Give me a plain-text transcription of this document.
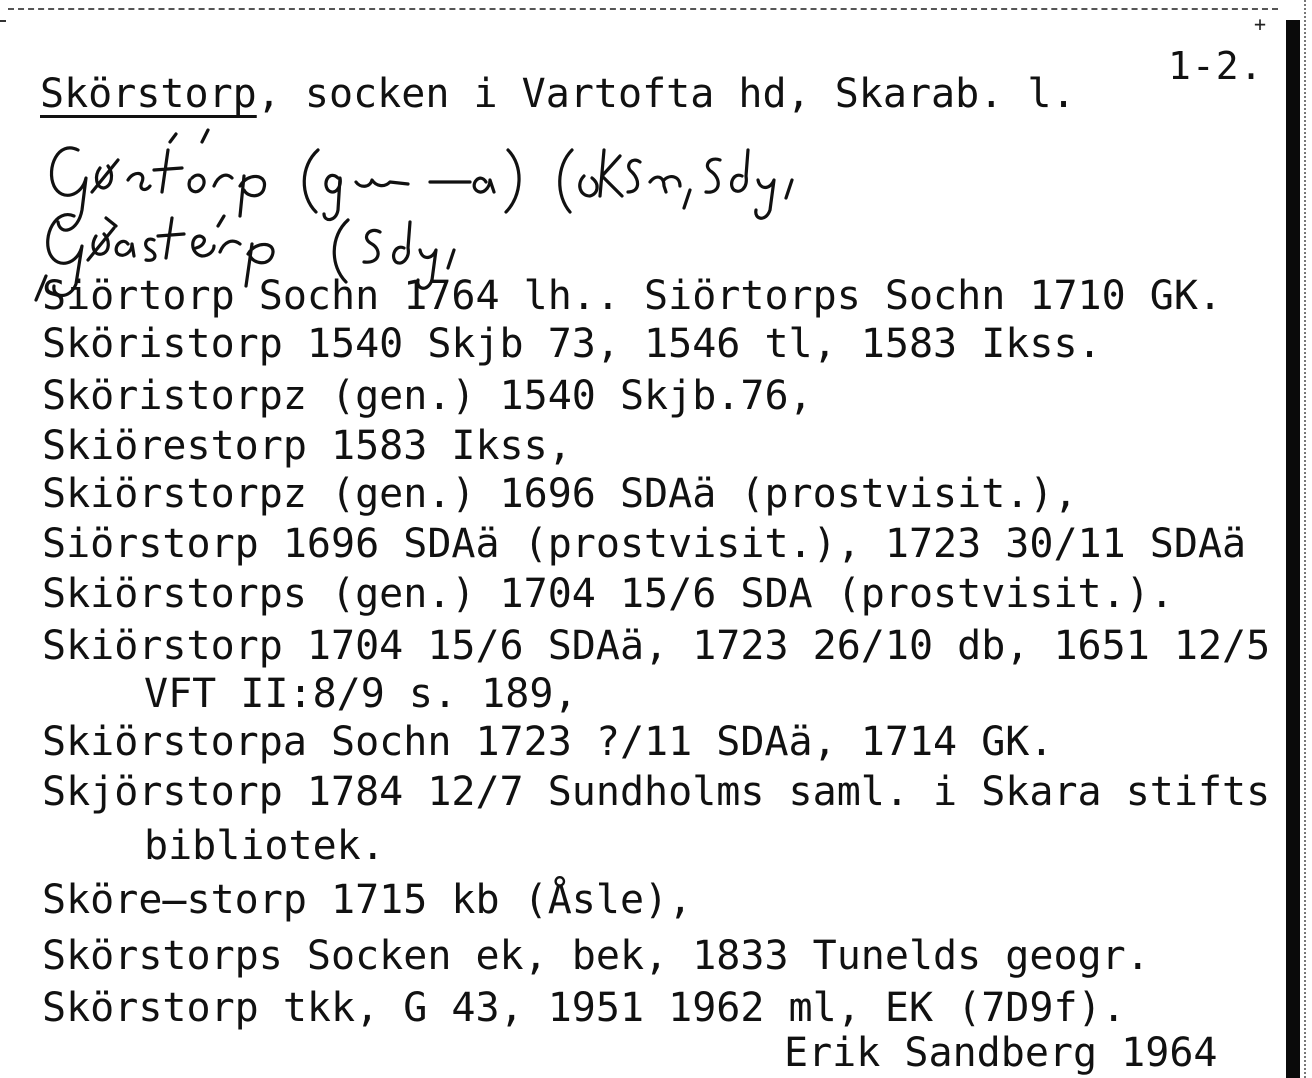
+
1-2.
Skörstorp, socken i Vartofta hd, Skarab. l.
Siörtorp Sochn 1764 lh.. Siörtorps Sochn 1710 GK.
Sköristorp 1540 Skjb 73, 1546 tl, 1583 Ikss.
Sköristorpz (gen.) 1540 Skjb.76,
Skiörestorp 1583 Ikss,
Skiörstorpz (gen.) 1696 SDAä (prostvisit.),
Siörstorp 1696 SDAä (prostvisit.), 1723 30/11 SDAä
Skiörstorps (gen.) 1704 15/6 SDA (prostvisit.).
Skiörstorp 1704 15/6 SDAä, 1723 26/10 db, 1651 12/5
VFT II:8/9 s. 189,
Skiörstorpa Sochn 1723 ?/11 SDAä, 1714 GK.
Skjörstorp 1784 12/7 Sundholms saml. i Skara stifts
bibliotek.
Sköre̶storp 1715 kb (Åsle),
Skörstorps Socken ek, bek, 1833 Tunelds geogr.
Skörstorp tkk, G 43, 1951 1962 ml, EK (7D9f).
Erik Sandberg 1964
